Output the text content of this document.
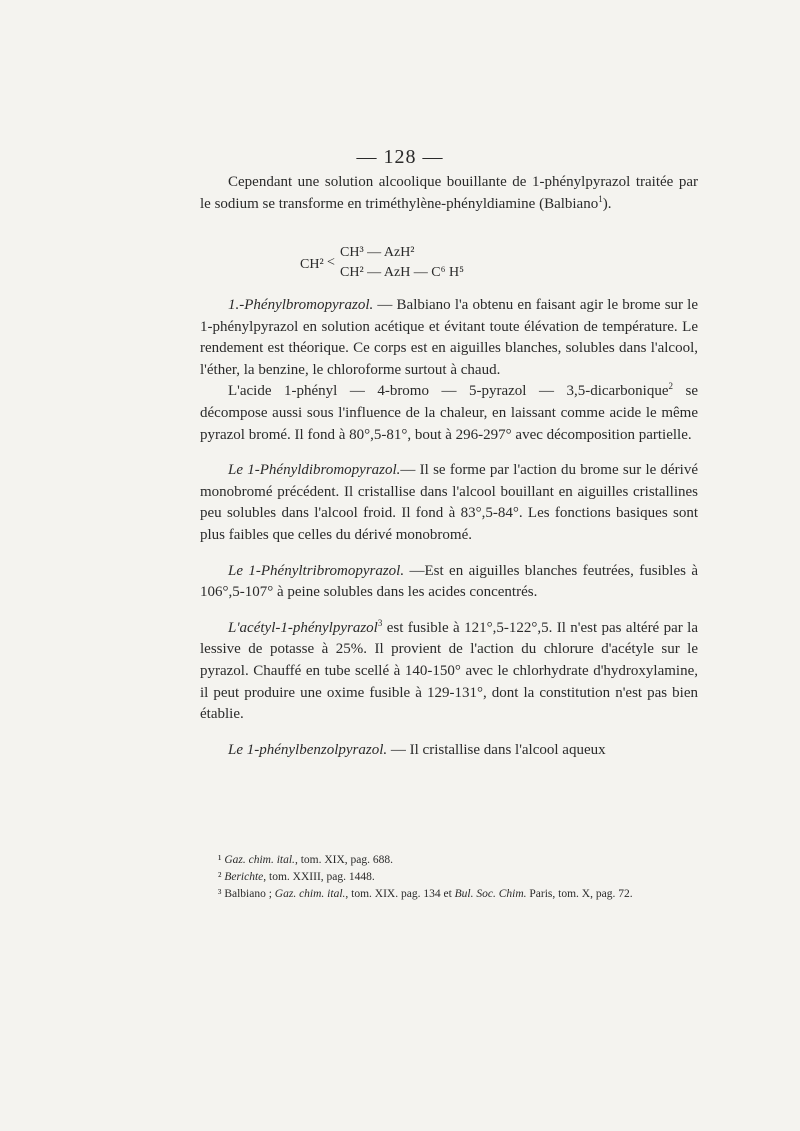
— 128 —

Cependant une solution alcoolique bouillante de 1-phénylpyrazol traitée par le sodium se transforme en triméthylène-phényldiamine (Balbiano$^1$).

CH² <
CH³ — AzH²
CH² — AzH — C⁶ H⁵

1.-Phénylbromopyrazol. — Balbiano l'a obtenu en faisant agir le brome sur le 1-phénylpyrazol en solution acétique et évitant toute élévation de température. Le rendement est théorique. Ce corps est en aiguilles blanches, solubles dans l'alcool, l'éther, la benzine, le chloroforme surtout à chaud.

L'acide 1-phényl — 4-bromo — 5-pyrazol — 3,5-dicarbonique$^2$ se décompose aussi sous l'influence de la chaleur, en laissant comme acide le même pyrazol bromé. Il fond à 80°,5-81°, bout à 296-297° avec décomposition partielle.

Le 1-Phényldibromopyrazol.— Il se forme par l'action du brome sur le dérivé monobromé précédent. Il cristallise dans l'alcool bouillant en aiguilles cristallines peu solubles dans l'alcool froid. Il fond à 83°,5-84°. Les fonctions basiques sont plus faibles que celles du dérivé monobromé.

Le 1-Phényltribromopyrazol. —Est en aiguilles blanches feutrées, fusibles à 106°,5-107° à peine solubles dans les acides concentrés.

L'acétyl-1-phénylpyrazol$^3$ est fusible à 121°,5-122°,5. Il n'est pas altéré par la lessive de potasse à 25%. Il provient de l'action du chlorure d'acétyle sur le pyrazol. Chauffé en tube scellé à 140-150° avec le chlorhydrate d'hydroxylamine, il peut produire une oxime fusible à 129-131°, dont la constitution n'est pas bien établie.

Le 1-phénylbenzolpyrazol. — Il cristallise dans l'alcool aqueux

¹ Gaz. chim. ital., tom. XIX, pag. 688.

² Berichte, tom. XXIII, pag. 1448.

³ Balbiano ; Gaz. chim. ital., tom. XIX. pag. 134 et Bul. Soc. Chim. Paris, tom. X, pag. 72.
